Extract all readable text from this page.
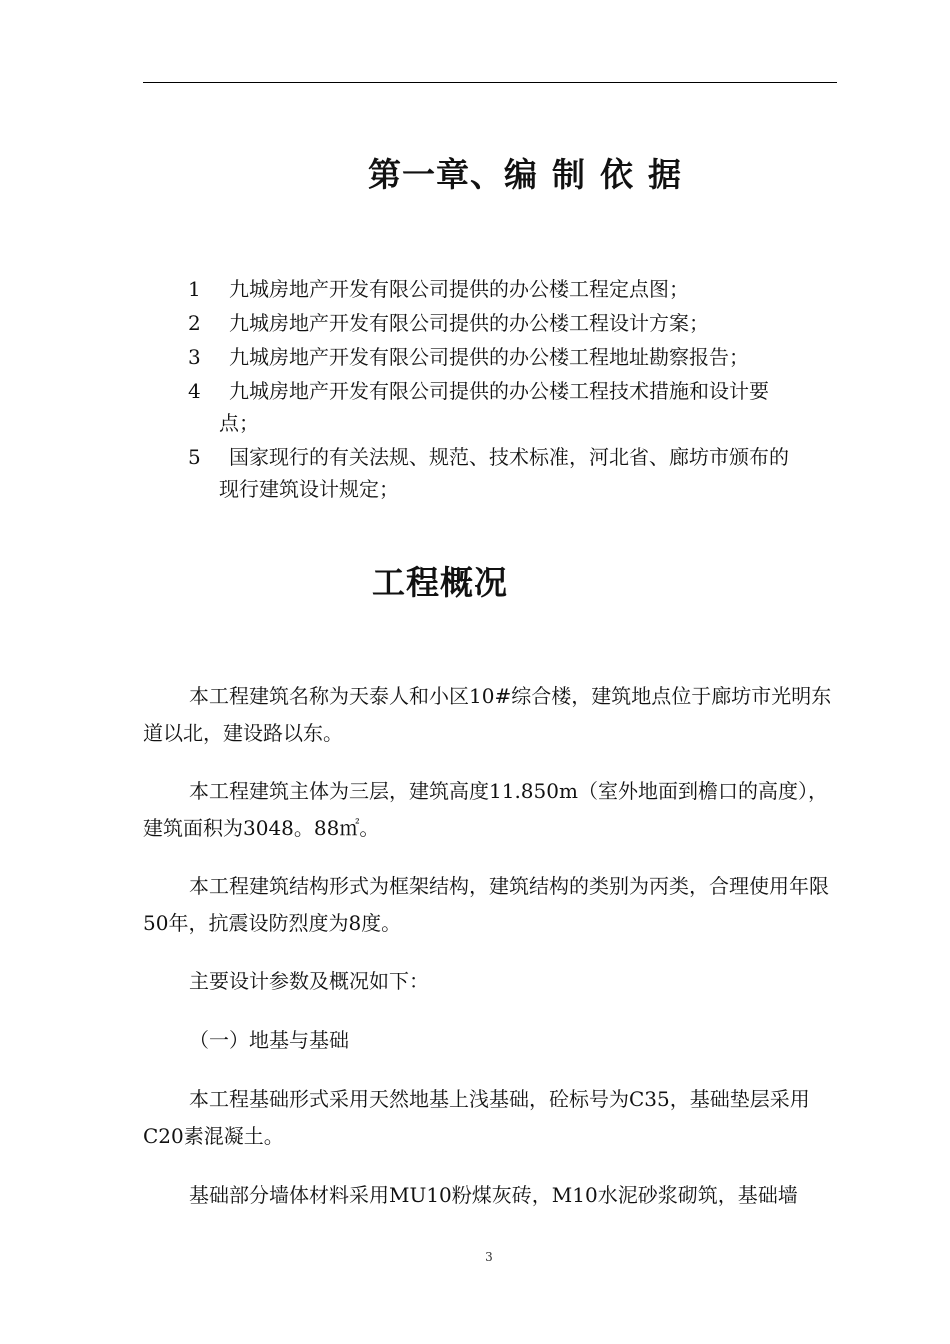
第一章、编 制 依 据
1 九城房地产开发有限公司提供的办公楼工程定点图；
2 九城房地产开发有限公司提供的办公楼工程设计方案；
3 九城房地产开发有限公司提供的办公楼工程地址勘察报告；
4 九城房地产开发有限公司提供的办公楼工程技术措施和设计要
点；
5 国家现行的有关法规、规范、技术标准，河北省、廊坊市颁布的
现行建筑设计规定；
工程概况

本工程建筑名称为天泰人和小区10#综合楼，建筑地点位于廊坊市光明东道以北，建设路以东。

本工程建筑主体为三层，建筑高度11.850m（室外地面到檐口的高度），建筑面积为3048。88㎡。

本工程建筑结构形式为框架结构，建筑结构的类别为丙类，合理使用年限50年，抗震设防烈度为8度。

主要设计参数及概况如下：

（一）地基与基础

本工程基础形式采用天然地基上浅基础，砼标号为C35，基础垫层采用C20素混凝土。

基础部分墙体材料采用MU10粉煤灰砖，M10水泥砂浆砌筑，基础墙

3
